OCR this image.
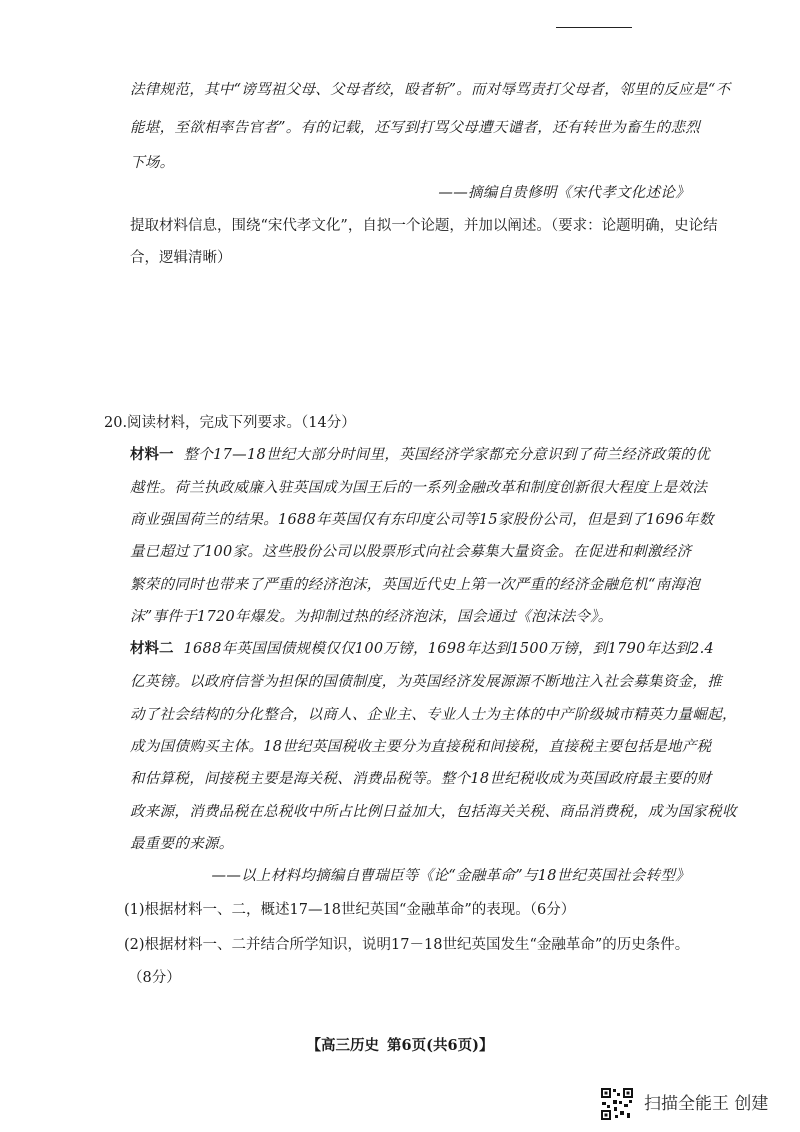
法律规范，其中“谤骂祖父母、父母者绞，殴者斩”。而对辱骂责打父母者，邻里的反应是“不
能堪，至欲相率告官者”。有的记载，还写到打骂父母遭天谴者，还有转世为畜生的悲烈
下场。
——摘编自贵修明《宋代孝文化述论》
提取材料信息，围绕“宋代孝文化”，自拟一个论题，并加以阐述。（要求：论题明确，史论结
合，逻辑清晰）
20.阅读材料，完成下列要求。（14分）
材料一 整个17—18世纪大部分时间里，英国经济学家都充分意识到了荷兰经济政策的优
越性。荷兰执政威廉入驻英国成为国王后的一系列金融改革和制度创新很大程度上是效法
商业强国荷兰的结果。1688年英国仅有东印度公司等15家股份公司，但是到了1696年数
量已超过了100家。这些股份公司以股票形式向社会募集大量资金。在促进和刺激经济
繁荣的同时也带来了严重的经济泡沫，英国近代史上第一次严重的经济金融危机“南海泡
沫”事件于1720年爆发。为抑制过热的经济泡沫，国会通过《泡沫法令》。
材料二 1688年英国国债规模仅仅100万镑，1698年达到1500万镑，到1790年达到2.4
亿英镑。以政府信誉为担保的国债制度，为英国经济发展源源不断地注入社会募集资金，推
动了社会结构的分化整合，以商人、企业主、专业人士为主体的中产阶级城市精英力量崛起，
成为国债购买主体。18世纪英国税收主要分为直接税和间接税，直接税主要包括是地产税
和估算税，间接税主要是海关税、消费品税等。整个18世纪税收成为英国政府最主要的财
政来源，消费品税在总税收中所占比例日益加大，包括海关关税、商品消费税，成为国家税收
最重要的来源。
——以上材料均摘编自曹瑞臣等《论“金融革命”与18世纪英国社会转型》
(1)根据材料一、二，概述17—18世纪英国“金融革命”的表现。（6分）
(2)根据材料一、二并结合所学知识，说明17－18世纪英国发生“金融革命”的历史条件。
（8分）
【高三历史 第6页(共6页)】
扫描全能王 创建
